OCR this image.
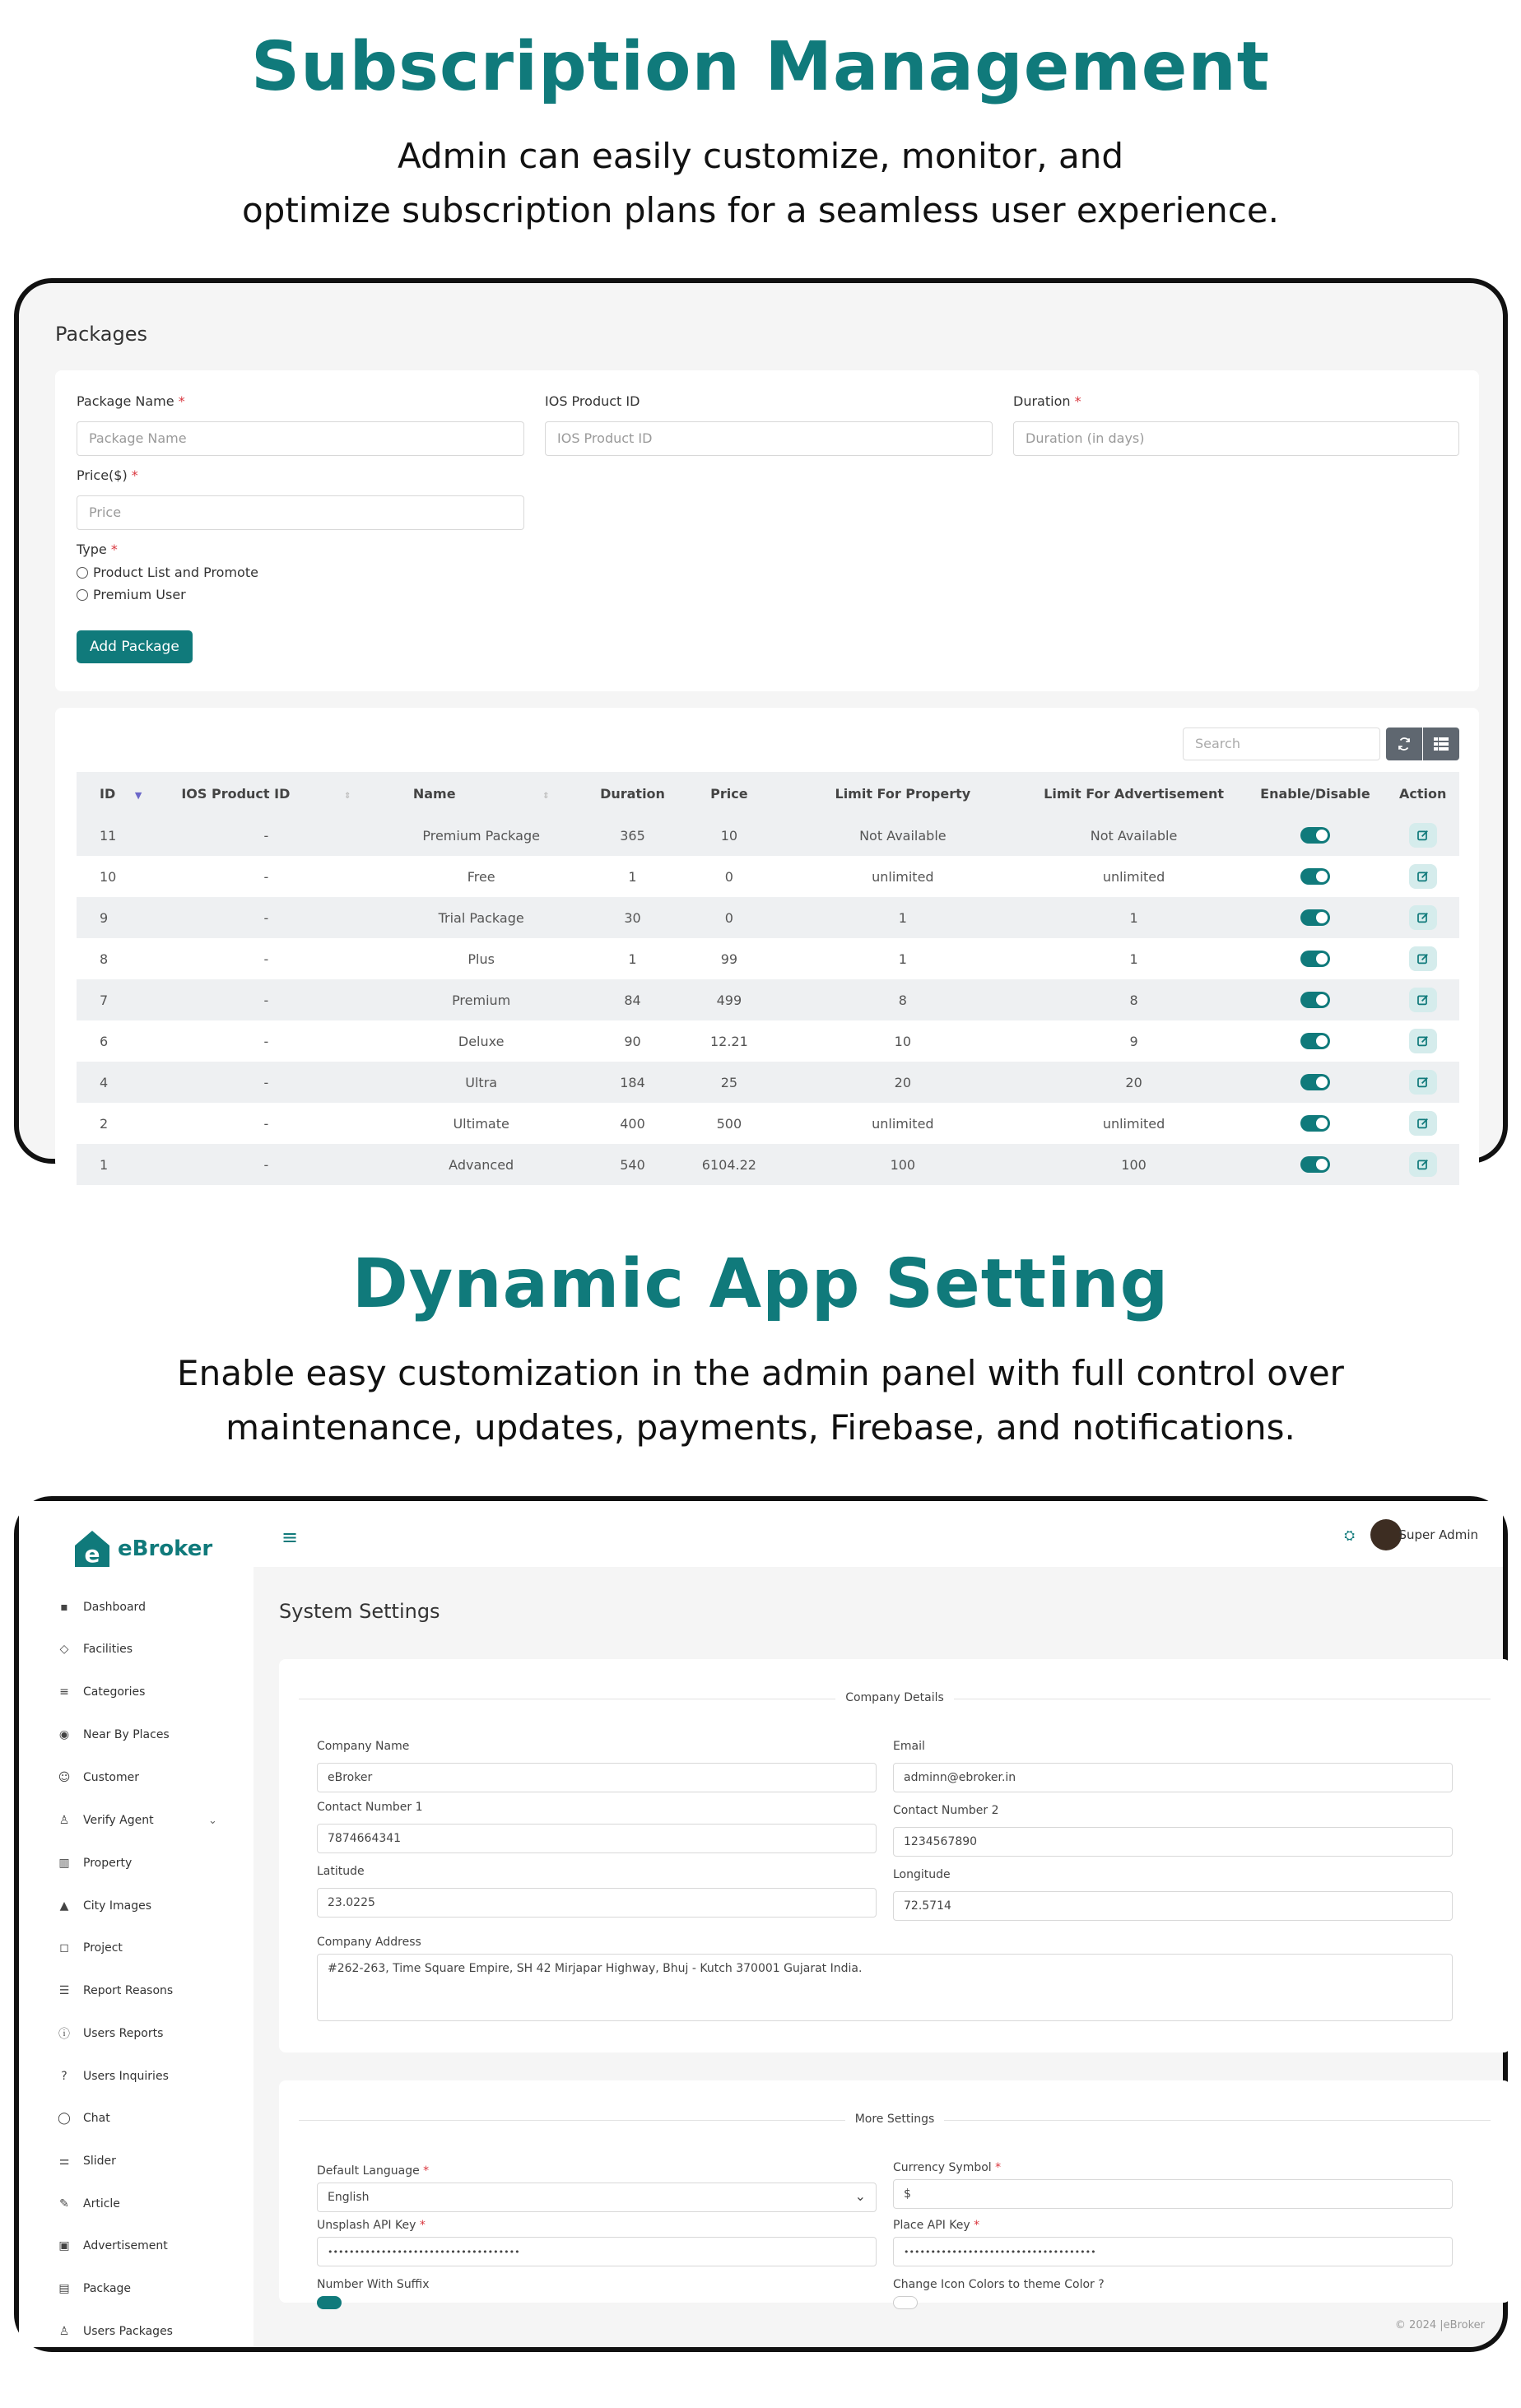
Subscription Management
Admin can easily customize, monitor, and
optimize subscription plans for a seamless user experience.
Packages
Package Name *
Package Name
IOS Product ID
IOS Product ID
Duration *
Duration (in days)
Price($) *
Price
Type *
Product List and Promote
Premium User
Add Package
Search
ID ▼	IOS Product ID ⇕	Name ⇕	Duration	Price	Limit For Property	Limit For Advertisement	Enable/Disable	Action
11	-	Premium Package	365	10	Not Available	Not Available		

10	-	Free	1	0	unlimited	unlimited		

9	-	Trial Package	30	0	1	1		

8	-	Plus	1	99	1	1		

7	-	Premium	84	499	8	8		

6	-	Deluxe	90	12.21	10	9		

4	-	Ultra	184	25	20	20		

2	-	Ultimate	400	500	unlimited	unlimited		

1	-	Advanced	540	6104.22	100	100		
Dynamic App Setting
Enable easy customization in the admin panel with full control over
maintenance, updates, payments, Firebase, and notifications.
e eBroker
▪	Dashboard
◇ Facilities
≡ Categories
◉ Near By Places
☺ Customer
♙ Verify Agent
▥ Property
▲ City Images
◻ Project
☰ Report Reasons
ⓘ Users Reports
?	Users Inquiries
◯ Chat
⚌ Slider
✎ Article
▣ Advertisement
▤ Package
♙ Users Packages
⌄
≡	⛭	Super Admin
System Settings
Company Details
Company Name
eBroker
Email
adminn@ebroker.in
Contact Number 1
7874664341
Contact Number 2
1234567890
Latitude
23.0225
Longitude
72.5714
Company Address
#262-263, Time Square Empire, SH 42 Mirjapar Highway, Bhuj - Kutch 370001 Gujarat India.
More Settings
Default Language *
English	⌄
Currency Symbol *
$
Unsplash API Key *
••••••••••••••••••••••••••••••••••••
Place API Key *
••••••••••••••••••••••••••••••••••••
Number With Suffix	Change Icon Colors to theme Color ?
© 2024 |eBroker
